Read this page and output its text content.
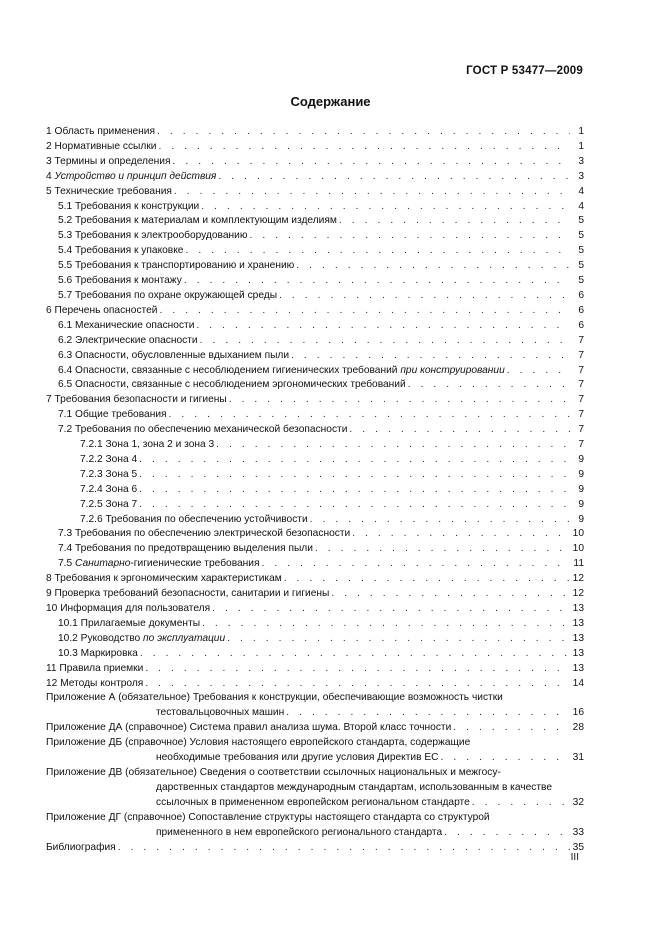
ГОСТ Р 53477—2009
Содержание
1 Область применения . . .	1
2 Нормативные ссылки . . .	1
3 Термины и определения . . .	3
4 Устройство и принцип действия . . .	3
5 Технические требования . . .	4
5.1 Требования к конструкции . . .	4
5.2 Требования к материалам и комплектующим изделиям . . .	5
5.3 Требования к электрооборудованию . . .	5
5.4 Требования к упаковке . . .	5
5.5 Требования к транспортированию и хранению . . .	5
5.6 Требования к монтажу . . .	5
5.7 Требования по охране окружающей среды . . .	6
6 Перечень опасностей . . .	6
6.1 Механические опасности . . .	6
6.2 Электрические опасности . . .	7
6.3 Опасности, обусловленные вдыханием пыли . . .	7
6.4 Опасности, связанные с несоблюдением гигиенических требований при конструировании . . .	7
6.5 Опасности, связанные с несоблюдением эргономических требований . . .	7
7 Требования безопасности и гигиены . . .	7
7.1 Общие требования . . .	7
7.2 Требования по обеспечению механической безопасности . . .	7
7.2.1 Зона 1, зона 2 и зона 3 . . .	7
7.2.2 Зона 4 . . .	9
7.2.3 Зона 5 . . .	9
7.2.4 Зона 6 . . .	9
7.2.5 Зона 7 . . .	9
7.2.6 Требования по обеспечению устойчивости . . .	9
7.3 Требования по обеспечению электрической безопасности . . .	10
7.4 Требования по предотвращению выделения пыли . . .	10
7.5 Санитарно-гигиенические требования . . .	11
8 Требования к эргономическим характеристикам . . .	12
9 Проверка требований безопасности, санитарии и гигиены . . .	12
10 Информация для пользователя . . .	13
10.1 Прилагаемые документы . . .	13
10.2 Руководство по эксплуатации . . .	13
10.3 Маркировка . . .	13
11 Правила приемки . . .	13
12 Методы контроля . . .	14
Приложение А (обязательное) Требования к конструкции, обеспечивающие возможность чистки
тестовальцовочных машин . . .	16
Приложение ДА (справочное) Система правил анализа шума. Второй класс точности . . .	28
Приложение ДБ (справочное) Условия настоящего европейского стандарта, содержащие
необходимые требования или другие условия Директив ЕС . . .	31
Приложение ДВ (обязательное) Сведения о соответствии ссылочных национальных и межгосу-
дарственных стандартов международным стандартам, использованным в качестве
ссылочных в примененном европейском региональном стандарте . . .	32
Приложение ДГ (справочное) Сопоставление структуры настоящего стандарта со структурой
примененного в нем европейского регионального стандарта . . .	33
Библиография . . .	35
III
